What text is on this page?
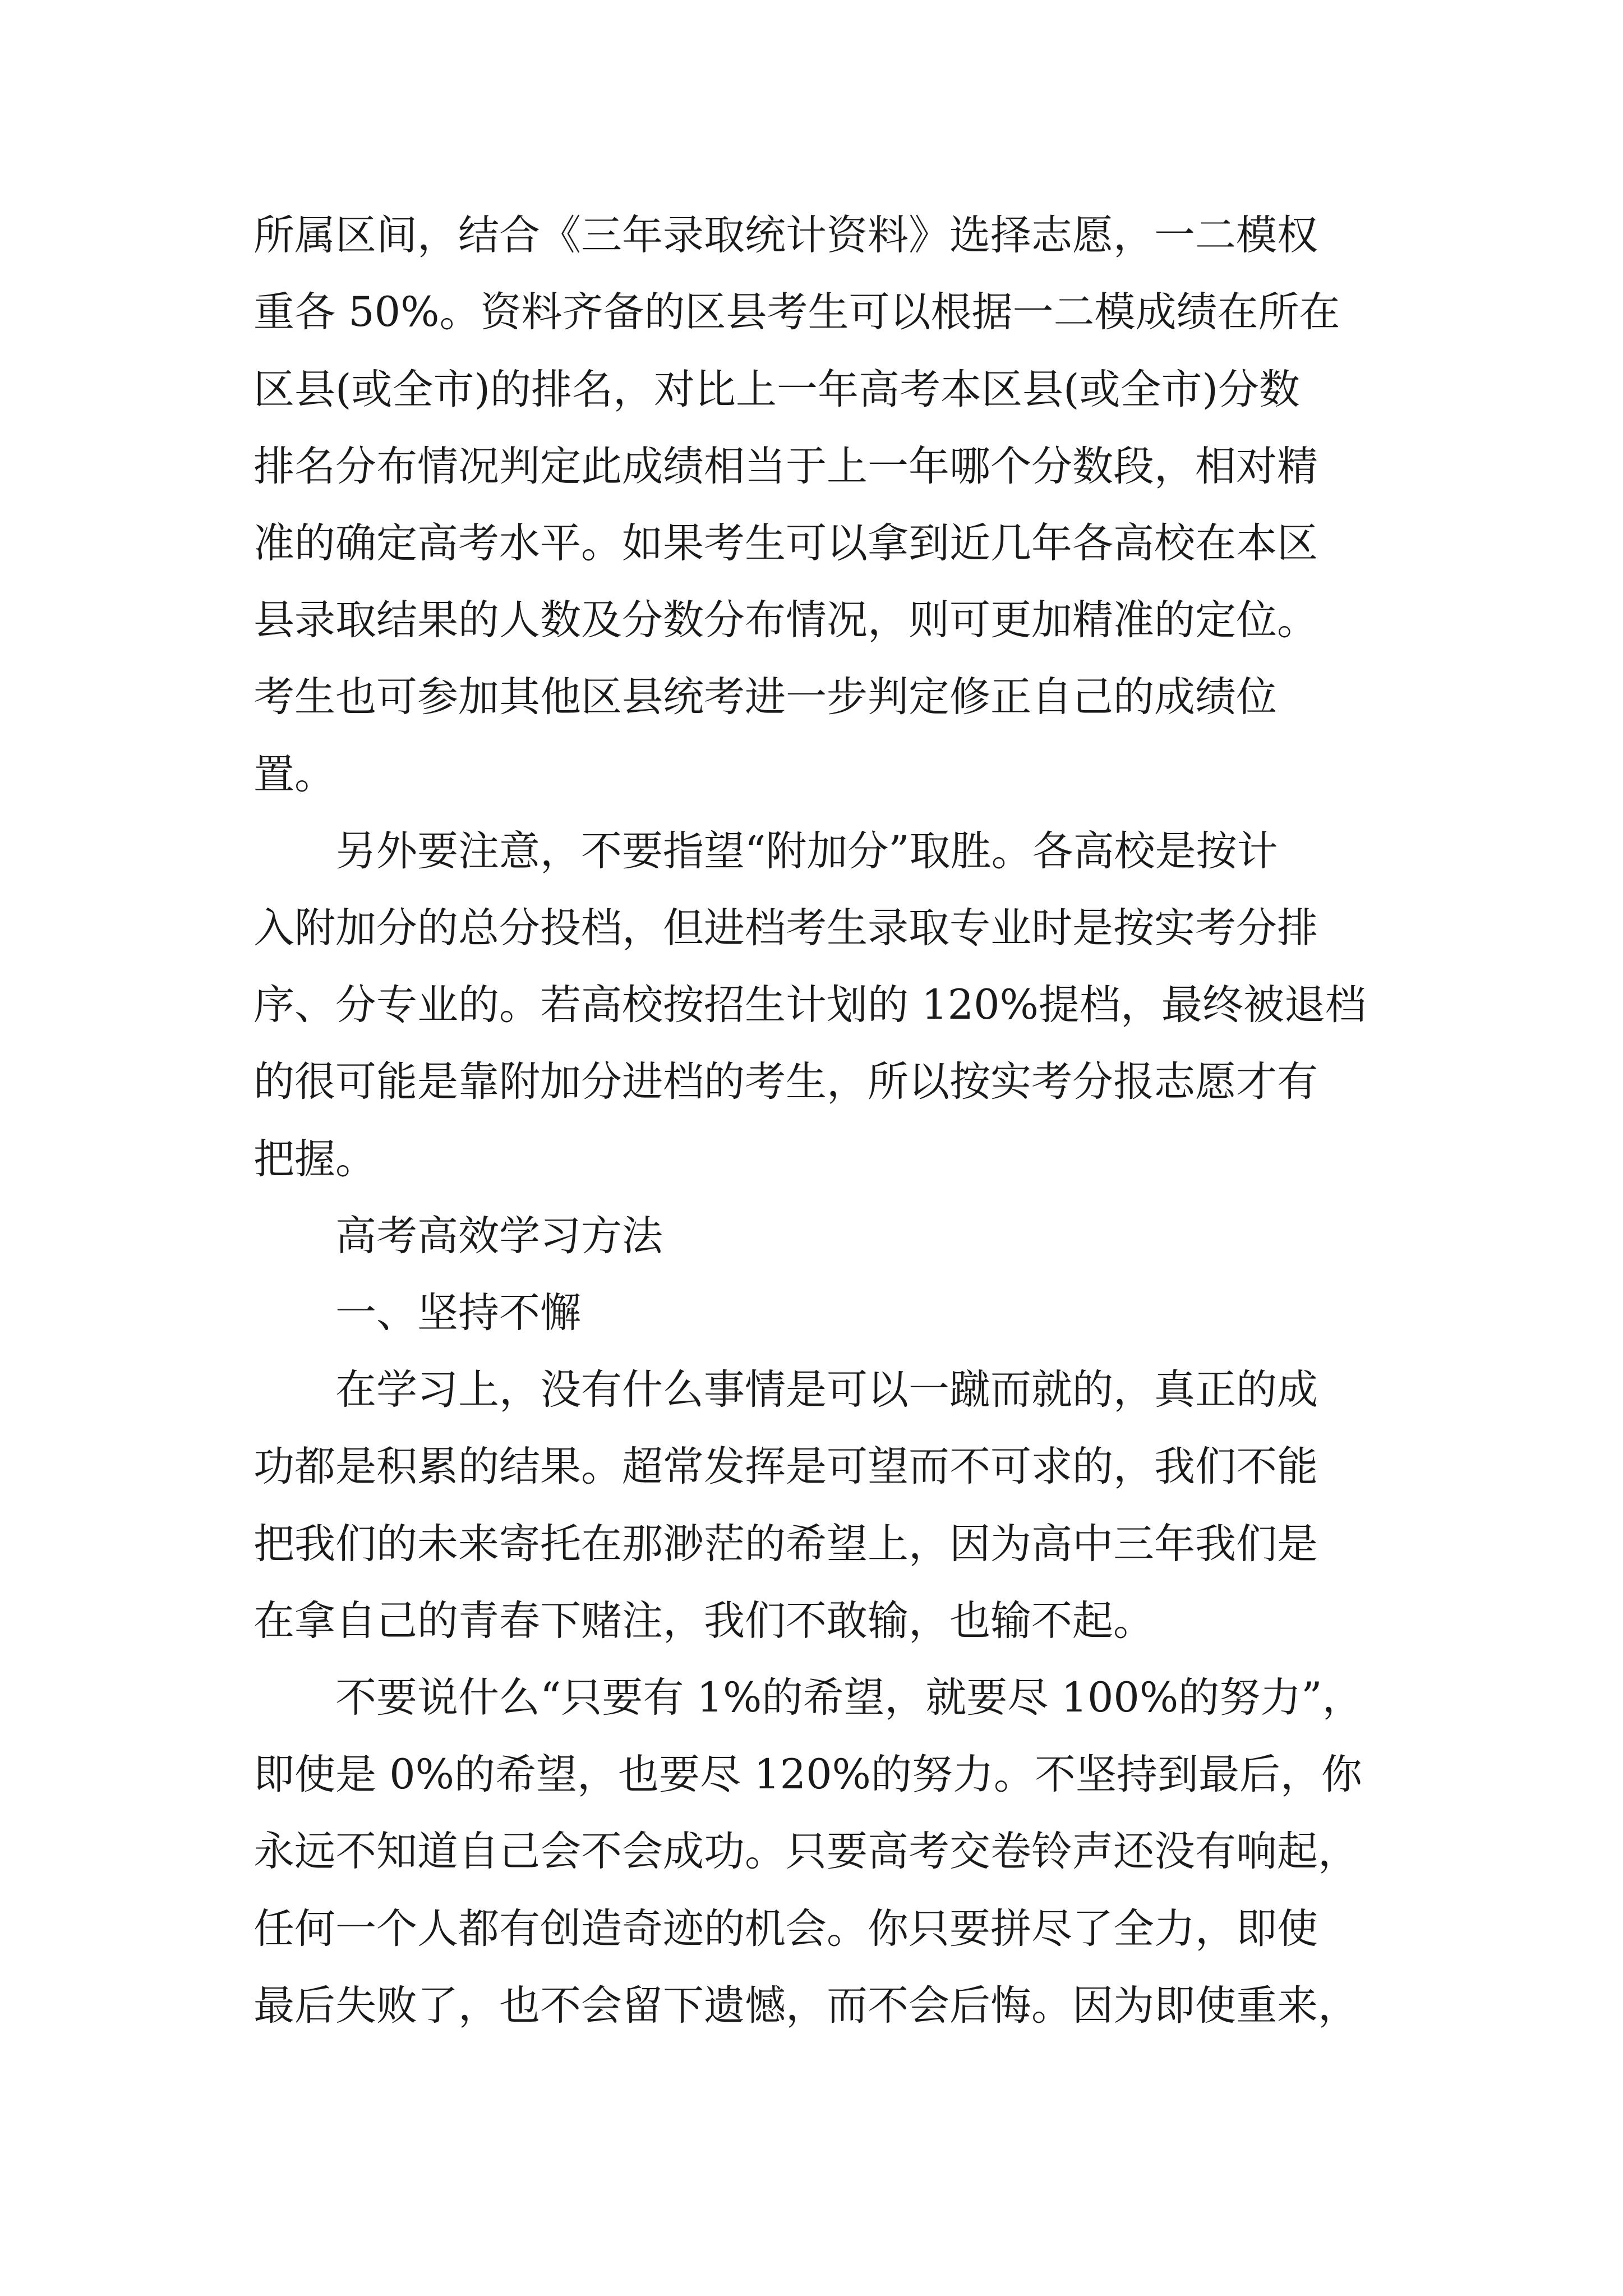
所属区间，结合《三年录取统计资料》选择志愿，一二模权
重各 50%。资料齐备的区县考生可以根据一二模成绩在所在
区县(或全市)的排名，对比上一年高考本区县(或全市)分数
排名分布情况判定此成绩相当于上一年哪个分数段，相对精
准的确定高考水平。如果考生可以拿到近几年各高校在本区
县录取结果的人数及分数分布情况，则可更加精准的定位。
考生也可参加其他区县统考进一步判定修正自己的成绩位
置。
另外要注意，不要指望“附加分”取胜。各高校是按计
入附加分的总分投档，但进档考生录取专业时是按实考分排
序、分专业的。若高校按招生计划的 120%提档，最终被退档
的很可能是靠附加分进档的考生，所以按实考分报志愿才有
把握。
高考高效学习方法
一、坚持不懈
在学习上，没有什么事情是可以一蹴而就的，真正的成
功都是积累的结果。超常发挥是可望而不可求的，我们不能
把我们的未来寄托在那渺茫的希望上，因为高中三年我们是
在拿自己的青春下赌注，我们不敢输，也输不起。
不要说什么“只要有 1%的希望，就要尽 100%的努力”，
即使是 0%的希望，也要尽 120%的努力。不坚持到最后，你
永远不知道自己会不会成功。只要高考交卷铃声还没有响起，
任何一个人都有创造奇迹的机会。你只要拼尽了全力，即使
最后失败了，也不会留下遗憾，而不会后悔。因为即使重来，
